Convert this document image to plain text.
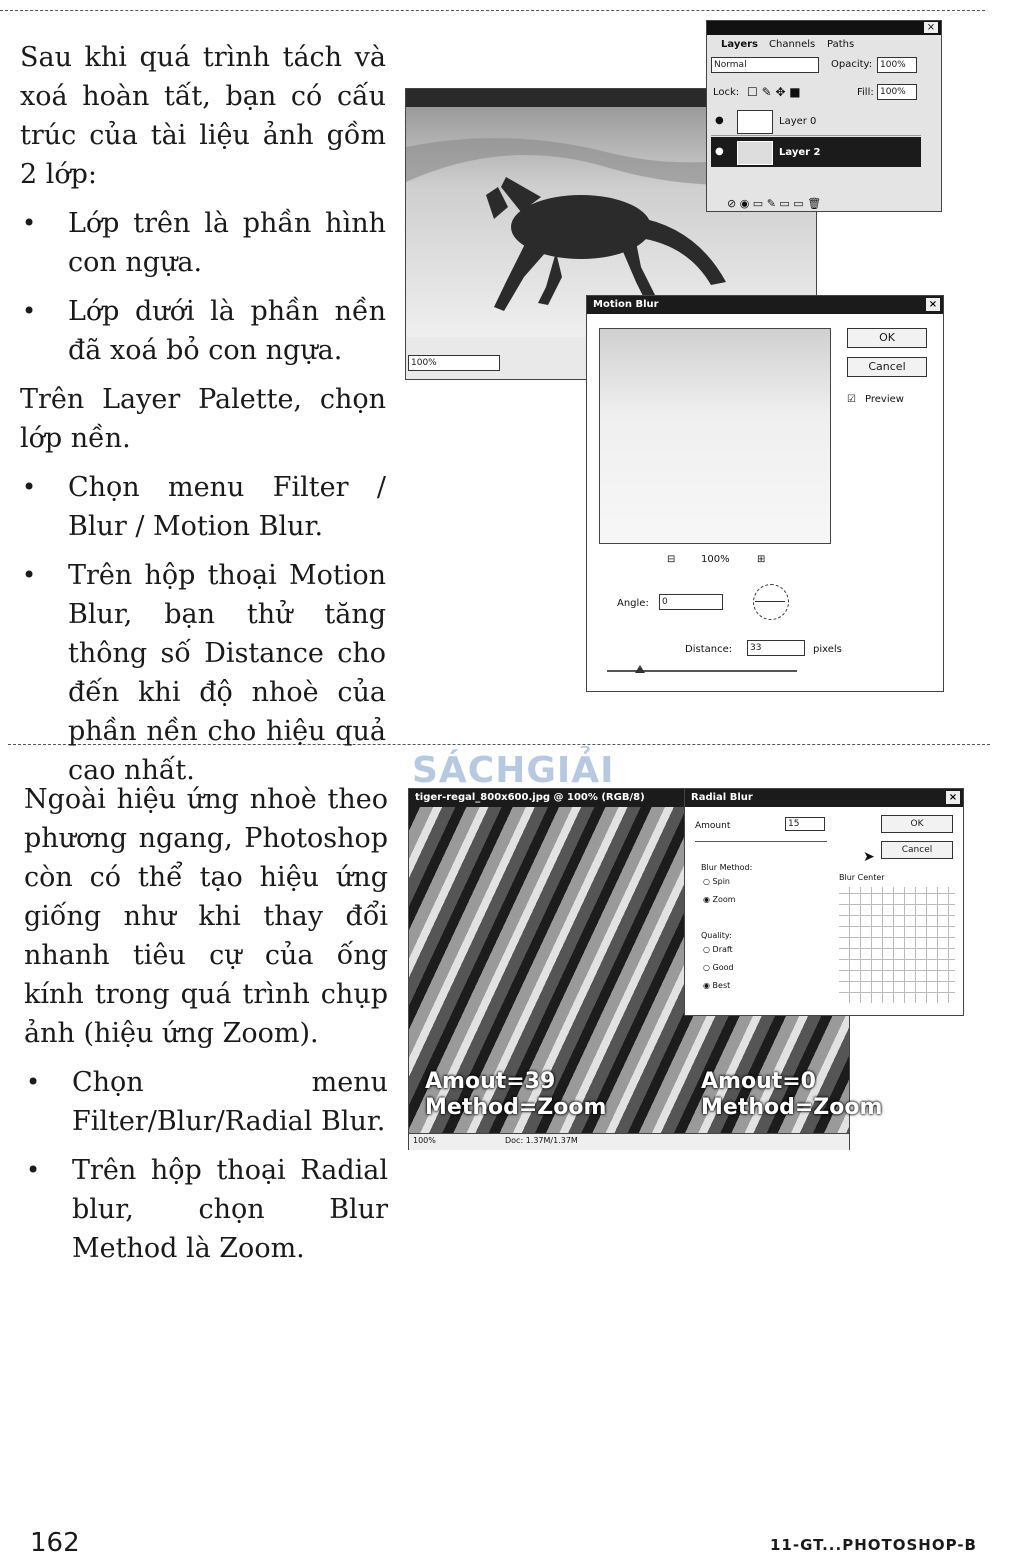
Sau khi quá trình tách và xoá hoàn tất, bạn có cấu trúc của tài liệu ảnh gồm 2 lớp:

• Lớp trên là phần hình con ngựa.
• Lớp dưới là phần nền đã xoá bỏ con ngựa.

Trên Layer Palette, chọn lớp nền.

• Chọn menu Filter / Blur / Motion Blur.
• Trên hộp thoại Motion Blur, bạn thử tăng thông số Distance cho đến khi độ nhoè của phần nền cho hiệu quả cao nhất.
100%
×
Layers Channels Paths
Normal	Opacity: 100%
Lock: ☐ ✎ ✥ ■	Fill: 100%
●	Layer 0
●	Layer 2
⊘ ◉ ▭ ✎ ▭ ▭ 🗑
Motion Blur	×
OK
Cancel
☑ Preview
⊟	100%	⊞
Angle:	0
Distance:	33	pixels

Ngoài hiệu ứng nhoè theo phương ngang, Photoshop còn có thể tạo hiệu ứng giống như khi thay đổi nhanh tiêu cự của ống kính trong quá trình chụp ảnh (hiệu ứng Zoom).

• Chọn menu Filter/Blur/Radial Blur.
• Trên hộp thoại Radial blur, chọn Blur Method là Zoom.
tiger-regal_800x600.jpg @ 100% (RGB/8)
Amout=39
Method=Zoom
Amout=0
Method=Zoom
100%	Doc: 1.37M/1.37M
Radial Blur	×
Amount	15	OK
Cancel
Blur Method:
○ Spin
◉ Zoom
Quality:
○ Draft
○ Good
◉ Best
Blur Center
➤
SÁCHGIẢI
162	11-GT...PHOTOSHOP-B
